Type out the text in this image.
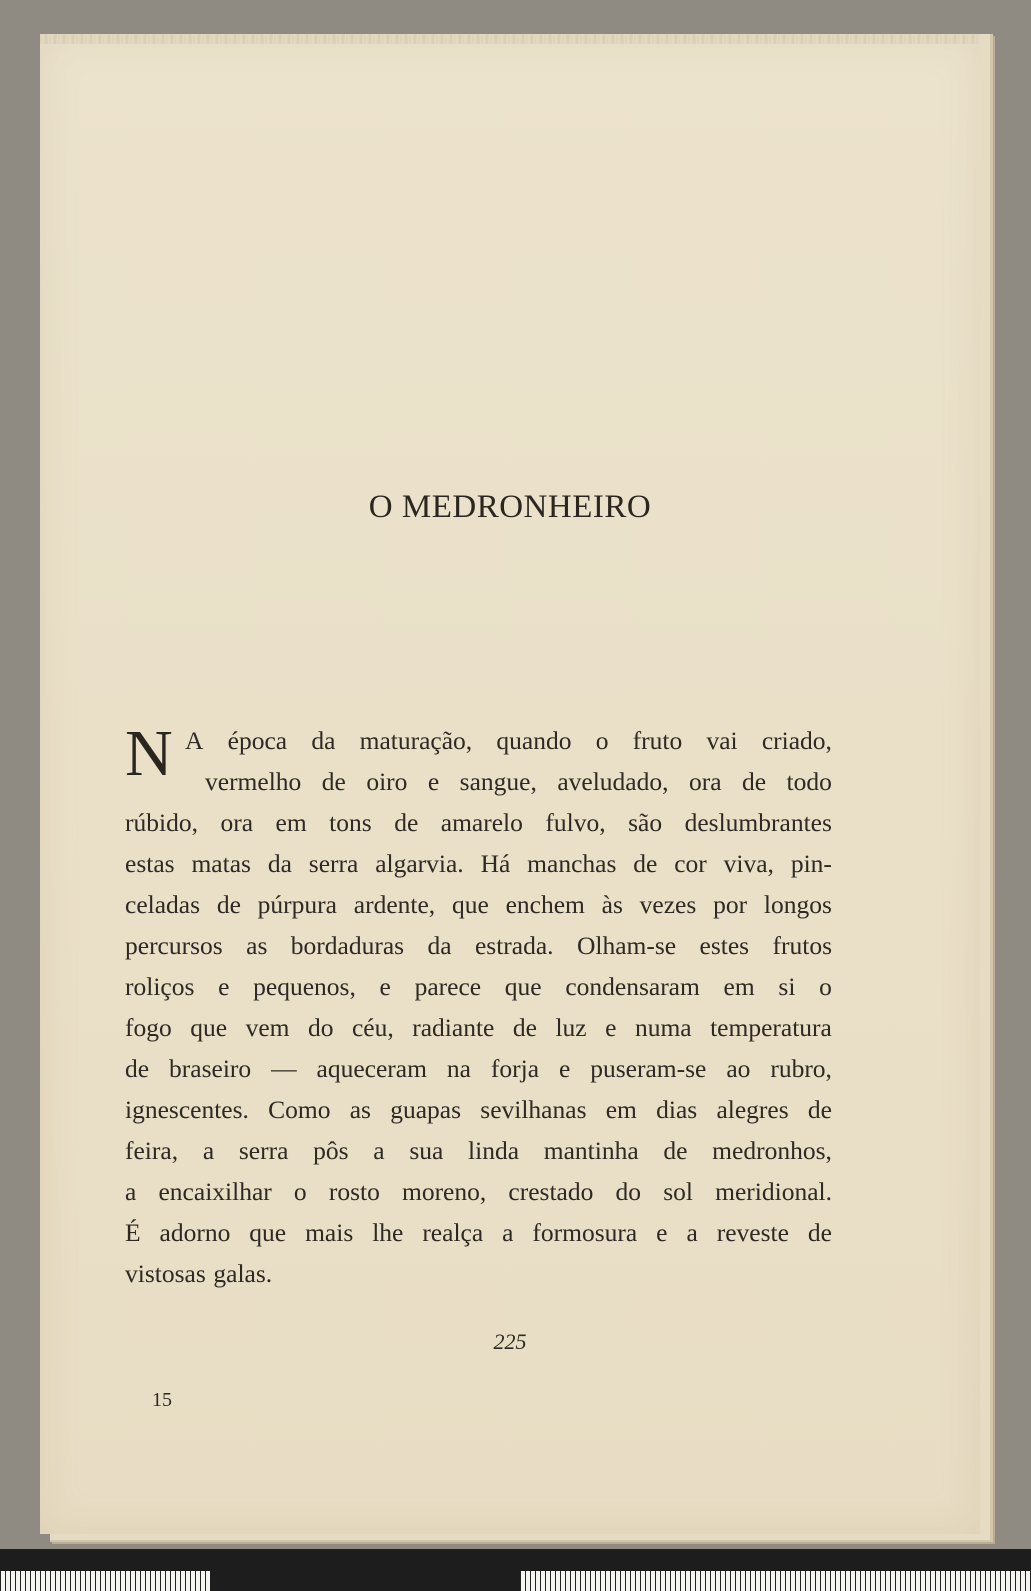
O MEDRONHEIRO
N A época da maturação, quando o fruto vai criado,
vermelho de oiro e sangue, aveludado, ora de todo
rúbido, ora em tons de amarelo fulvo, são deslumbrantes
estas matas da serra algarvia. Há manchas de cor viva, pin-
celadas de púrpura ardente, que enchem às vezes por longos
percursos as bordaduras da estrada. Olham-se estes frutos
roliços e pequenos, e parece que condensaram em si o
fogo que vem do céu, radiante de luz e numa temperatura
de braseiro — aqueceram na forja e puseram-se ao rubro,
ignescentes. Como as guapas sevilhanas em dias alegres de
feira, a serra pôs a sua linda mantinha de medronhos,
a encaixilhar o rosto moreno, crestado do sol meridional.
É adorno que mais lhe realça a formosura e a reveste de
vistosas galas.
225
15
